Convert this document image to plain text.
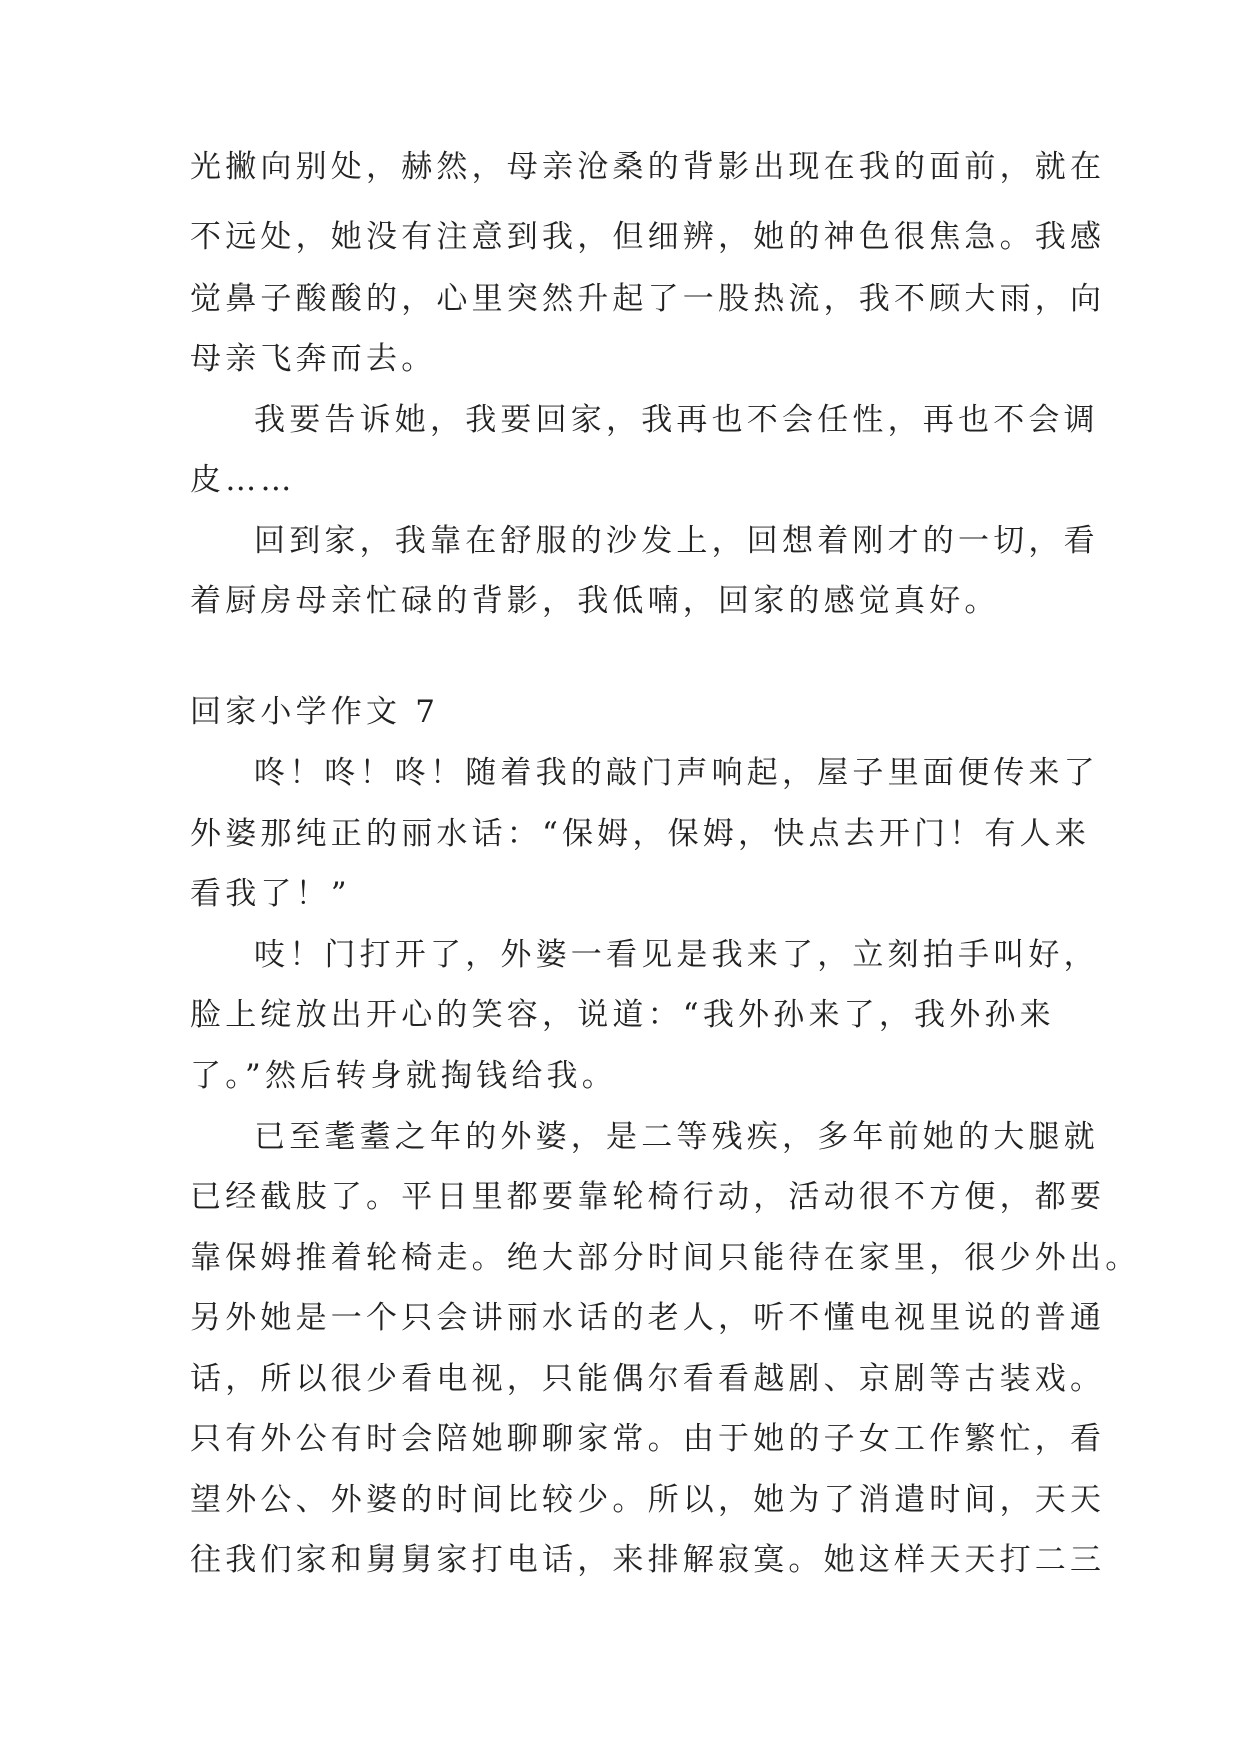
光撇向别处，赫然，母亲沧桑的背影出现在我的面前，就在
不远处，她没有注意到我，但细辨，她的神色很焦急。我感
觉鼻子酸酸的，心里突然升起了一股热流，我不顾大雨，向
母亲飞奔而去。
我要告诉她，我要回家，我再也不会任性，再也不会调
皮……
回到家，我靠在舒服的沙发上，回想着刚才的一切，看
着厨房母亲忙碌的背影，我低喃，回家的感觉真好。
回家小学作文 7
咚！咚！咚！随着我的敲门声响起，屋子里面便传来了
外婆那纯正的丽水话：“保姆，保姆，快点去开门！有人来
看我了！”
吱！门打开了，外婆一看见是我来了，立刻拍手叫好，
脸上绽放出开心的笑容，说道：“我外孙来了，我外孙来
了。”然后转身就掏钱给我。
已至耄耋之年的外婆，是二等残疾，多年前她的大腿就
已经截肢了。平日里都要靠轮椅行动，活动很不方便，都要
靠保姆推着轮椅走。绝大部分时间只能待在家里，很少外出。
另外她是一个只会讲丽水话的老人，听不懂电视里说的普通
话，所以很少看电视，只能偶尔看看越剧、京剧等古装戏。
只有外公有时会陪她聊聊家常。由于她的子女工作繁忙，看
望外公、外婆的时间比较少。所以，她为了消遣时间，天天
往我们家和舅舅家打电话，来排解寂寞。她这样天天打二三
